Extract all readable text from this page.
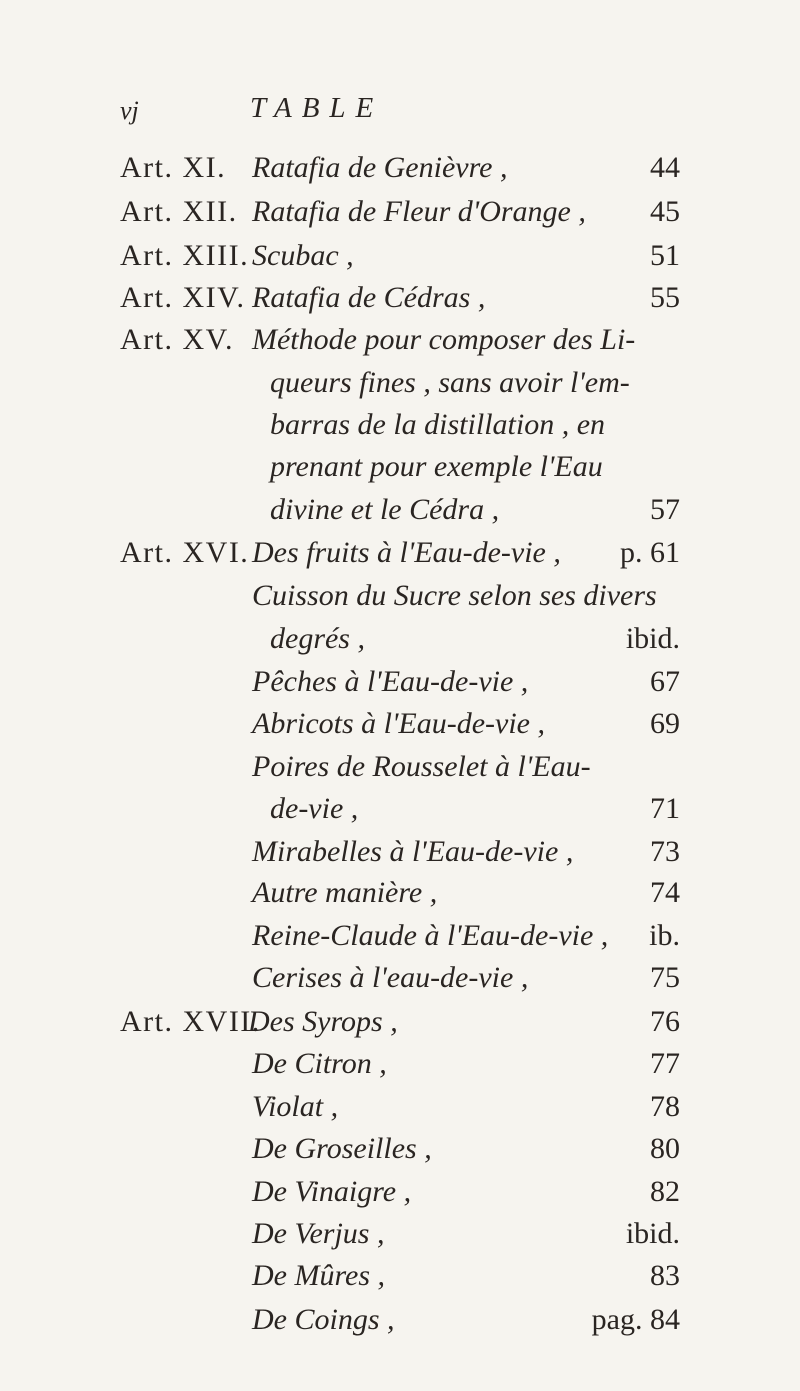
vj	TABLE
Art. XI. Ratafia de Genièvre ,	44
Art. XII. Ratafia de Fleur d'Orange , 45
Art. XIII. Scubac ,	51
Art. XIV. Ratafia de Cédras ,	55
Art. XV. Méthode pour composer des Li-
queurs fines , sans avoir l'em-
barras de la distillation , en
prenant pour exemple l'Eau
divine et le Cédra ,	57
Art. XVI. Des fruits à l'Eau-de-vie , p. 61
Cuisson du Sucre selon ses divers
degrés ,	ibid.
Pêches à l'Eau-de-vie ,	67
Abricots à l'Eau-de-vie ,	69
Poires de Rousselet à l'Eau-
de-vie ,	71
Mirabelles à l'Eau-de-vie ,	73
Autre manière ,	74
Reine-Claude à l'Eau-de-vie , ib.
Cerises à l'eau-de-vie ,	75
Art. XVII.
Des Syrops ,	76
De Citron ,	77
Violat ,	78
De Groseilles ,	80
De Vinaigre ,	82
De Verjus ,	ibid.
De Mûres ,	83
De Coings ,	pag. 84
